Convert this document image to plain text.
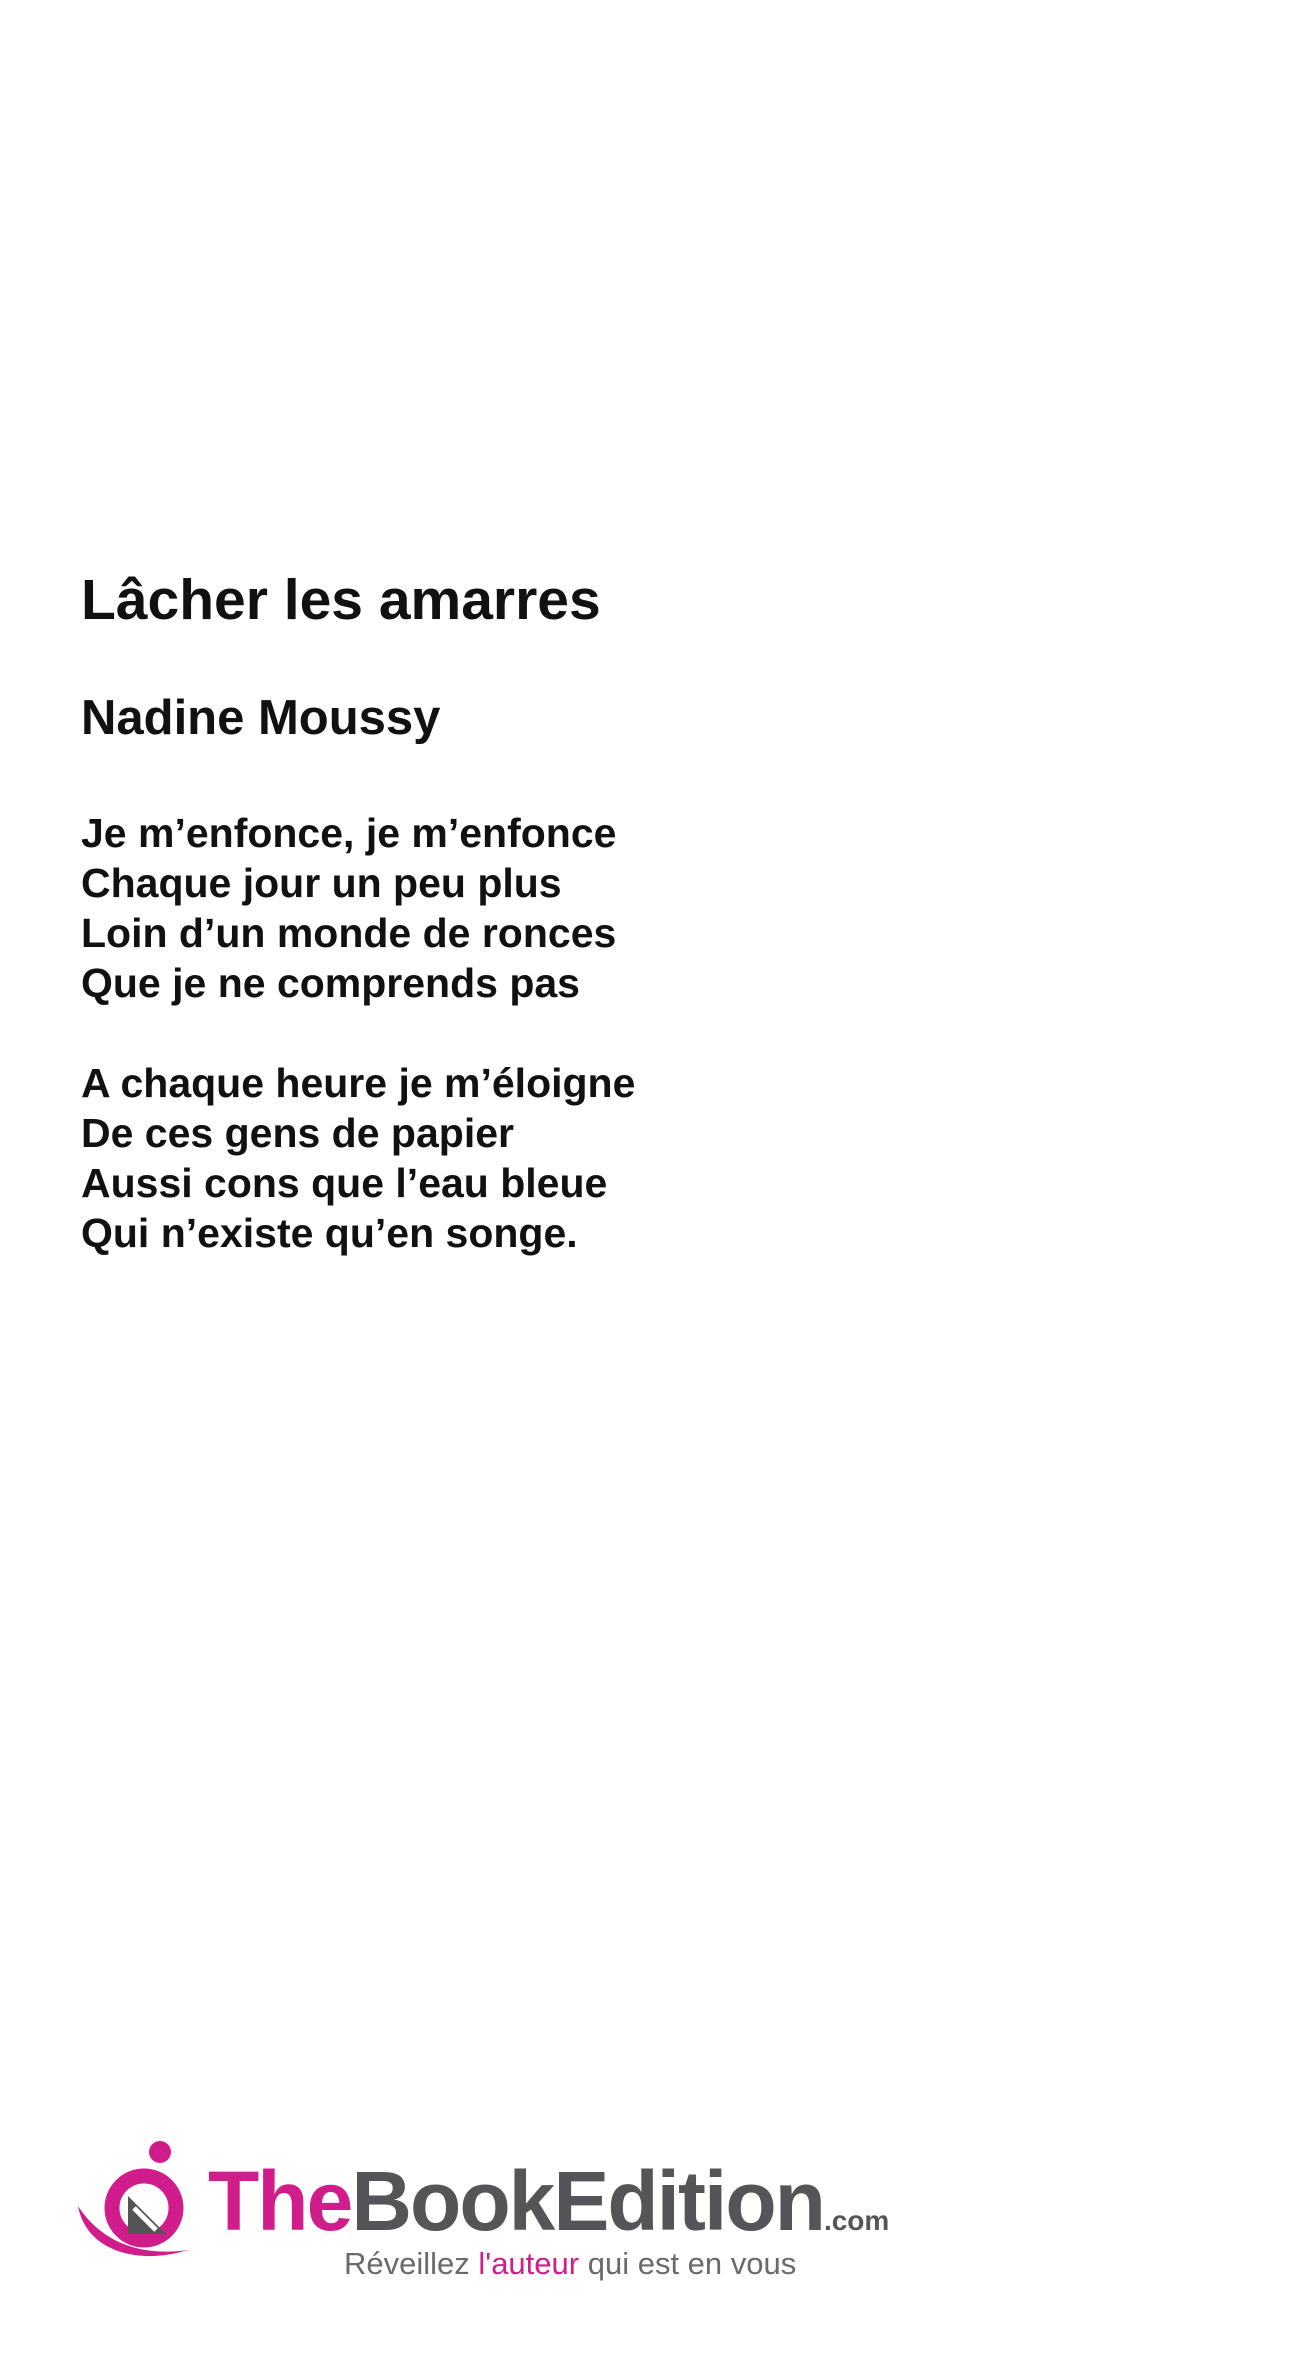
Lâcher les amarres
Nadine Moussy

Je m’enfonce, je m’enfonce
Chaque jour un peu plus
Loin d’un monde de ronces
Que je ne comprends pas

A chaque heure je m’éloigne
De ces gens de papier
Aussi cons que l’eau bleue
Qui n’existe qu’en songe.

TheBookEdition.com
Réveillez l'auteur qui est en vous
